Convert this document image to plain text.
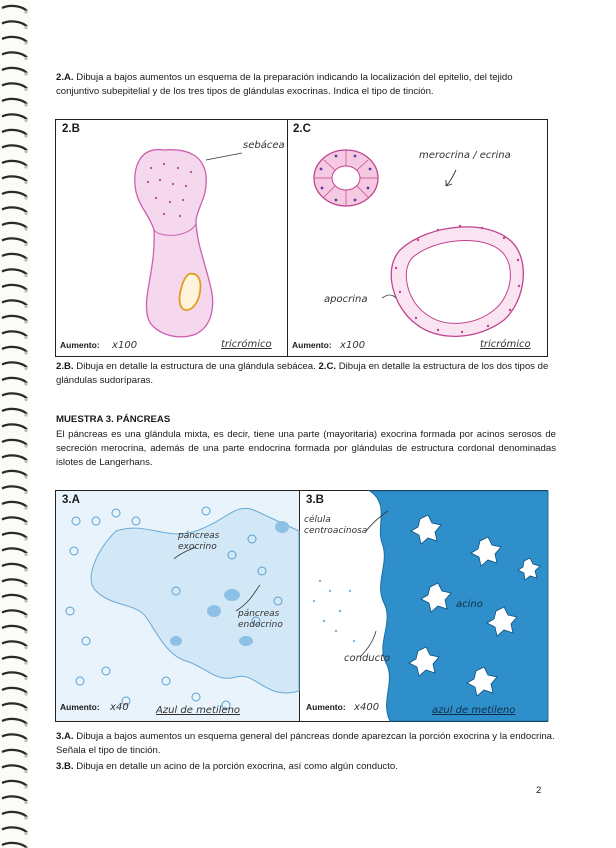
2.A. Dibuja a bajos aumentos un esquema de la preparación indicando la localización del epitelio, del tejido conjuntivo subepitelial y de los tres tipos de glándulas exocrinas. Indica el tipo de tinción.
2.B	2.C
sebácea
merocrina / ecrina
apocrina
Aumento: x100	tricrómico Aumento: x100	tricrómico
2.B. Dibuja en detalle la estructura de una glándula sebácea. 2.C. Dibuja en detalle la estructura de los dos tipos de glándulas sudoríparas.
MUESTRA 3. PÁNCREAS
El páncreas es una glándula mixta, es decir, tiene una parte (mayoritaria) exocrina formada por acinos serosos de secreción merocrina, además de una parte endocrina formada por glándulas de estructura cordonal denominadas islotes de Langerhans.
3.A
páncreas exocrino
páncreas endocrino
3.B
célula centroacinosa
acino
conducto
Aumento: x40	Azul de metileno	Aumento: x400	azul de metileno
3.A. Dibuja a bajos aumentos un esquema general del páncreas donde aparezcan la porción exocrina y la endocrina. Señala el tipo de tinción.
3.B. Dibuja en detalle un acino de la porción exocrina, así como algún conducto.
2
